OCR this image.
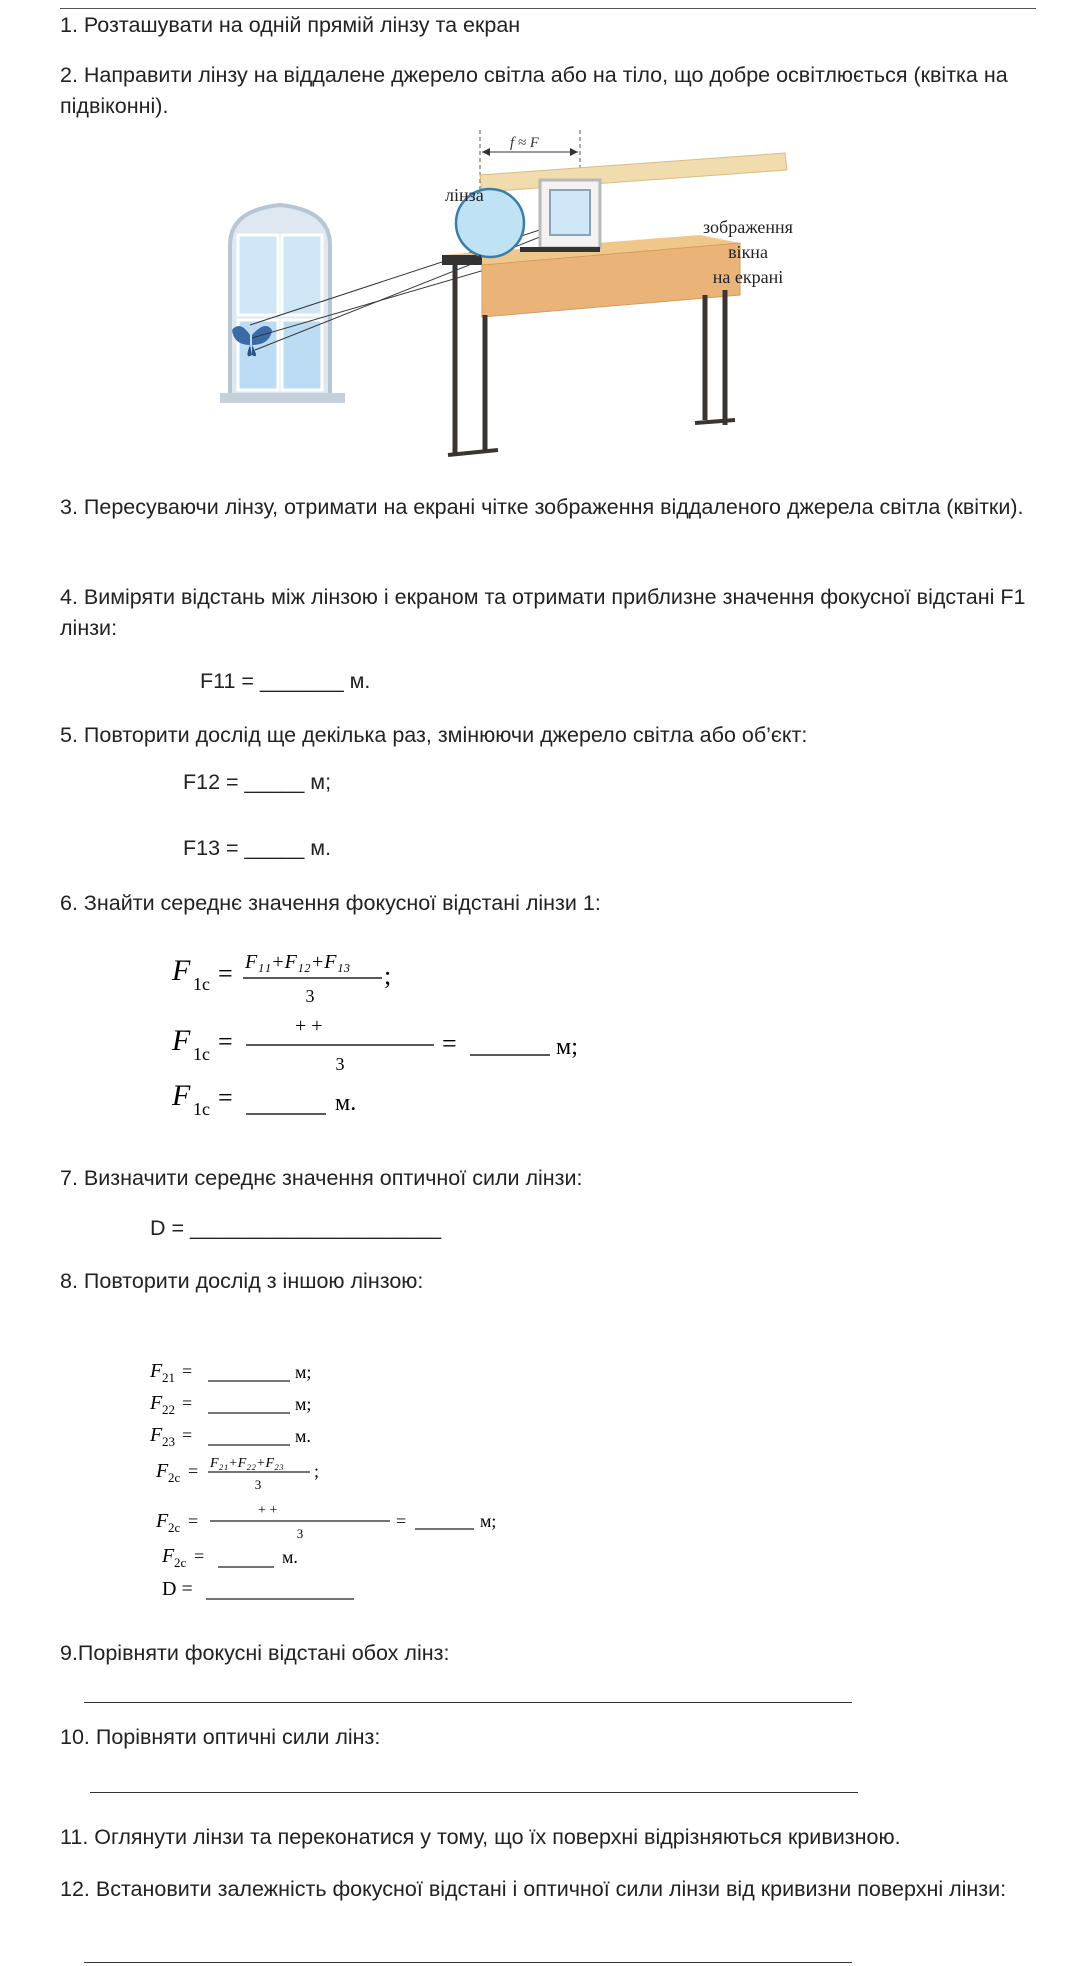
1. Розташувати на одній прямій лінзу та екран
2. Направити лінзу на віддалене джерело світла або на тіло, що добре освітлюється (квітка на підвіконні).
f ≈ F
лінза
зображення
вікна
на екрані
3. Пересуваючи лінзу, отримати на екрані чітке зображення віддаленого джерела світла (квітки).
4. Виміряти відстань між лінзою і екраном та отримати приблизне значення фокусної відстані F1 лінзи:
F11 = _______ м.
5. Повторити дослід ще декілька раз, змінюючи джерело світла або об’єкт:
F12 = _____ м;
F13 = _____ м.
6. Знайти середнє значення фокусної відстані лінзи 1:
F 1c = F₁₁+F₁₂+F₁₃
3
;
F 1c =
+ +
3
=	м;
F 1c =	м.
7. Визначити середнє значення оптичної сили лінзи:
D = _____________________
8. Повторити дослід з іншою лінзою:
F 21 =	м;
F 22 =	м;
F 23 =	м.
F 2c = F₂₁+F₂₂+F₂₃
3
;
F 2c =
+ +
3
=	м;
F 2c =	м.
D =
9.Порівняти фокусні відстані обох лінз:
10. Порівняти оптичні сили лінз:
11. Оглянути лінзи та переконатися у тому, що їх поверхні відрізняються кривизною.
12. Встановити залежність фокусної відстані і оптичної сили лінзи від кривизни поверхні лінзи:
